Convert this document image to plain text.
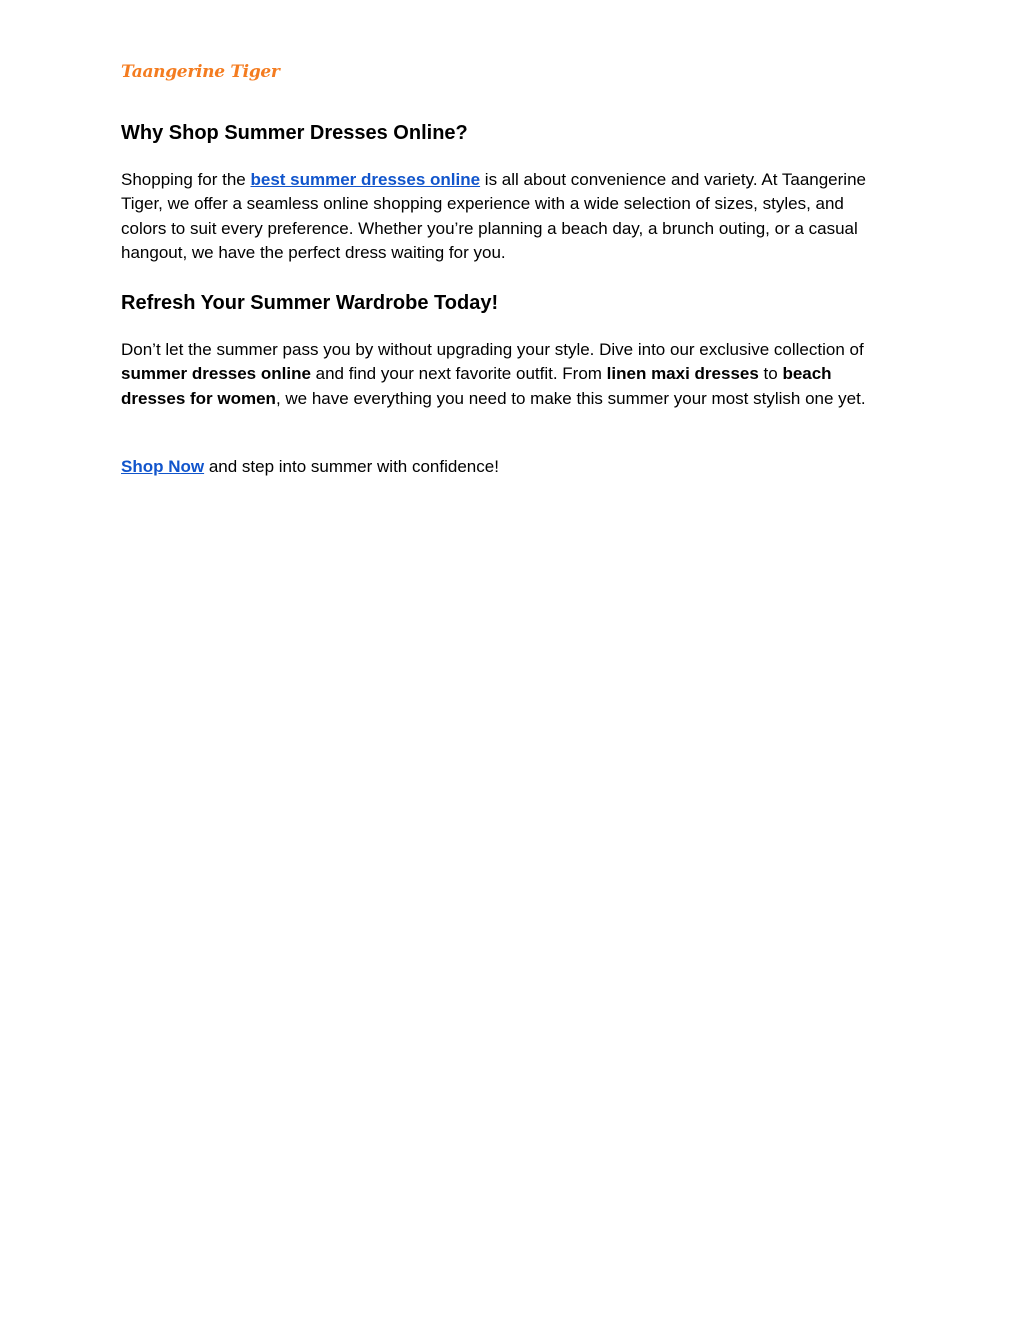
Taangerine Tiger
Why Shop Summer Dresses Online?

Shopping for the best summer dresses online is all about convenience and variety. At Taangerine Tiger, we offer a seamless online shopping experience with a wide selection of sizes, styles, and colors to suit every preference. Whether you’re planning a beach day, a brunch outing, or a casual hangout, we have the perfect dress waiting for you.

Refresh Your Summer Wardrobe Today!

Don’t let the summer pass you by without upgrading your style. Dive into our exclusive collection of summer dresses online and find your next favorite outfit. From linen maxi dresses to beach dresses for women, we have everything you need to make this summer your most stylish one yet.

Shop Now and step into summer with confidence!
